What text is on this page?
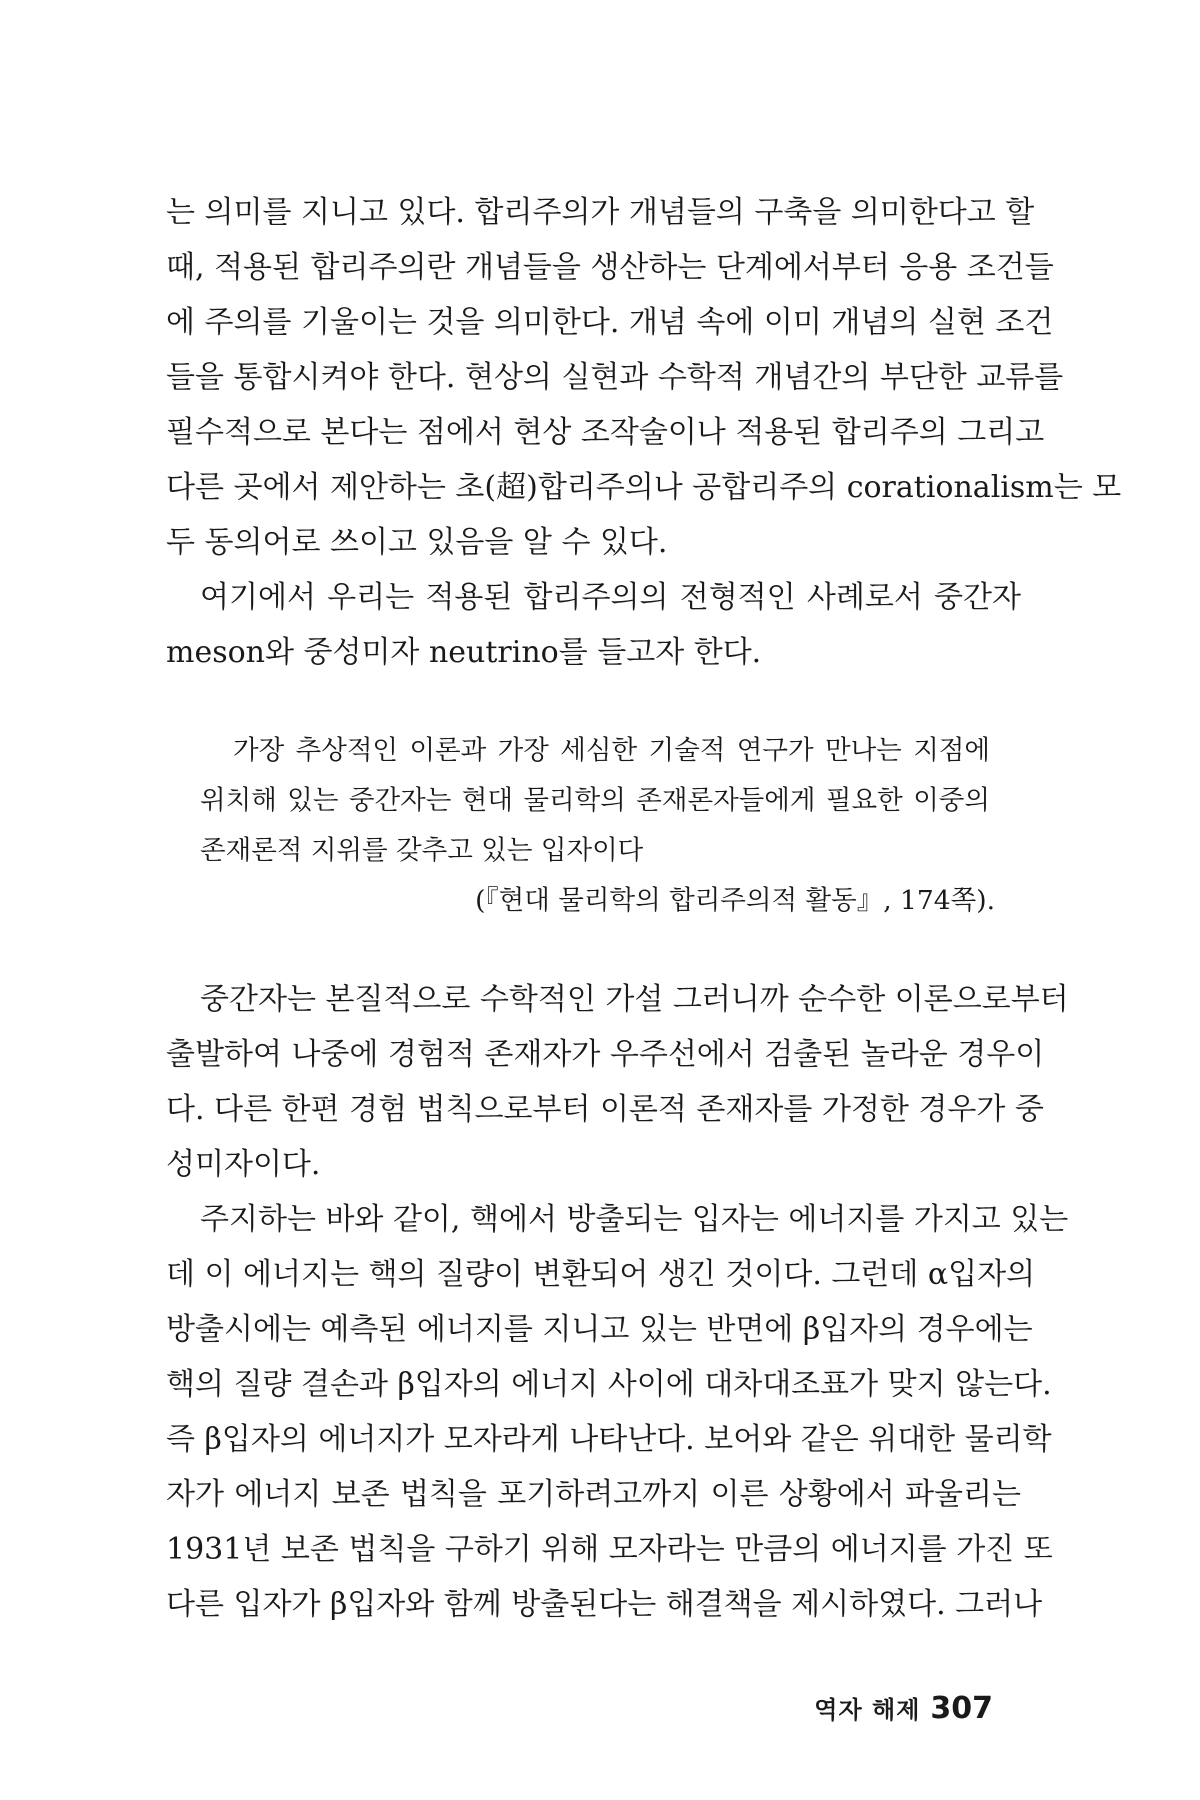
는 의미를 지니고 있다. 합리주의가 개념들의 구축을 의미한다고 할
때, 적용된 합리주의란 개념들을 생산하는 단계에서부터 응용 조건들
에 주의를 기울이는 것을 의미한다. 개념 속에 이미 개념의 실현 조건
들을 통합시켜야 한다. 현상의 실현과 수학적 개념간의 부단한 교류를
필수적으로 본다는 점에서 현상 조작술이나 적용된 합리주의 그리고
다른 곳에서 제안하는 초(超)합리주의나 공합리주의 corationalism는 모
두 동의어로 쓰이고 있음을 알 수 있다.
여기에서 우리는 적용된 합리주의의 전형적인 사례로서 중간자
meson와 중성미자 neutrino를 들고자 한다.
가장 추상적인 이론과 가장 세심한 기술적 연구가 만나는 지점에
위치해 있는 중간자는 현대 물리학의 존재론자들에게 필요한 이중의
존재론적 지위를 갖추고 있는 입자이다
(『현대 물리학의 합리주의적 활동』, 174쪽).
중간자는 본질적으로 수학적인 가설 그러니까 순수한 이론으로부터
출발하여 나중에 경험적 존재자가 우주선에서 검출된 놀라운 경우이
다. 다른 한편 경험 법칙으로부터 이론적 존재자를 가정한 경우가 중
성미자이다.
주지하는 바와 같이, 핵에서 방출되는 입자는 에너지를 가지고 있는
데 이 에너지는 핵의 질량이 변환되어 생긴 것이다. 그런데 α입자의
방출시에는 예측된 에너지를 지니고 있는 반면에 β입자의 경우에는
핵의 질량 결손과 β입자의 에너지 사이에 대차대조표가 맞지 않는다.
즉 β입자의 에너지가 모자라게 나타난다. 보어와 같은 위대한 물리학
자가 에너지 보존 법칙을 포기하려고까지 이른 상황에서 파울리는
1931년 보존 법칙을 구하기 위해 모자라는 만큼의 에너지를 가진 또
다른 입자가 β입자와 함께 방출된다는 해결책을 제시하였다. 그러나
역자 해제 307
